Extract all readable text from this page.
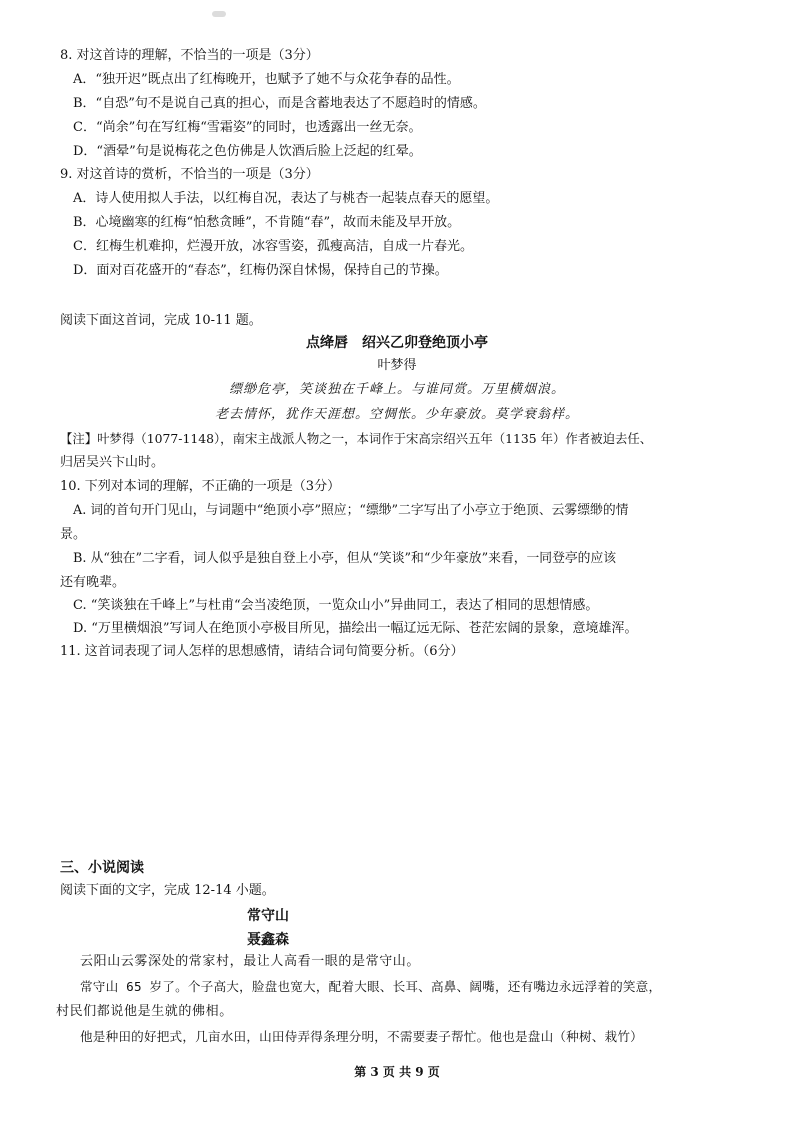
8. 对这首诗的理解，不恰当的一项是（3分）
A．“独开迟”既点出了红梅晚开，也赋予了她不与众花争春的品性。
B．“自恐”句不是说自己真的担心，而是含蓄地表达了不愿趋时的情感。
C．“尚余”句在写红梅“雪霜姿”的同时，也透露出一丝无奈。
D．“酒晕”句是说梅花之色仿佛是人饮酒后脸上泛起的红晕。
9. 对这首诗的赏析，不恰当的一项是（3分）
A．诗人使用拟人手法，以红梅自况，表达了与桃杏一起装点春天的愿望。
B．心境幽寒的红梅“怕愁贪睡”，不肯随“春”，故而未能及早开放。
C．红梅生机难抑，烂漫开放，冰容雪姿，孤瘦高洁，自成一片春光。
D．面对百花盛开的“春态”，红梅仍深自怵惕，保持自己的节操。
阅读下面这首词，完成 10-11 题。
点绛唇　绍兴乙卯登绝顶小亭
叶梦得
缥缈危亭，笑谈独在千峰上。与谁同赏。万里横烟浪。
老去情怀，犹作天涯想。空惆怅。少年豪放。莫学衰翁样。
【注】叶梦得（1077-1148），南宋主战派人物之一，本词作于宋高宗绍兴五年（1135 年）作者被迫去任、
归居吴兴卞山时。
10. 下列对本词的理解，不正确的一项是（3分）
A. 词的首句开门见山，与词题中“绝顶小亭”照应；“缥缈”二字写出了小亭立于绝顶、云雾缥缈的情
景。
B. 从“独在”二字看，词人似乎是独自登上小亭，但从“笑谈”和“少年豪放”来看，一同登亭的应该
还有晚辈。
C. “笑谈独在千峰上”与杜甫“会当凌绝顶，一览众山小”异曲同工，表达了相同的思想情感。
D. “万里横烟浪”写词人在绝顶小亭极目所见，描绘出一幅辽远无际、苍茫宏阔的景象，意境雄浑。
11. 这首词表现了词人怎样的思想感情，请结合词句简要分析。（6分）
三、小说阅读
阅读下面的文字，完成 12-14 小题。
常守山
聂鑫森
云阳山云雾深处的常家村，最让人高看一眼的是常守山。
常守山 65 岁了。个子高大，脸盘也宽大，配着大眼、长耳、高鼻、阔嘴，还有嘴边永远浮着的笑意，
村民们都说他是生就的佛相。
他是种田的好把式，几亩水田，山田侍弄得条理分明，不需要妻子帮忙。他也是盘山（种树、栽竹）
第 3 页 共 9 页
